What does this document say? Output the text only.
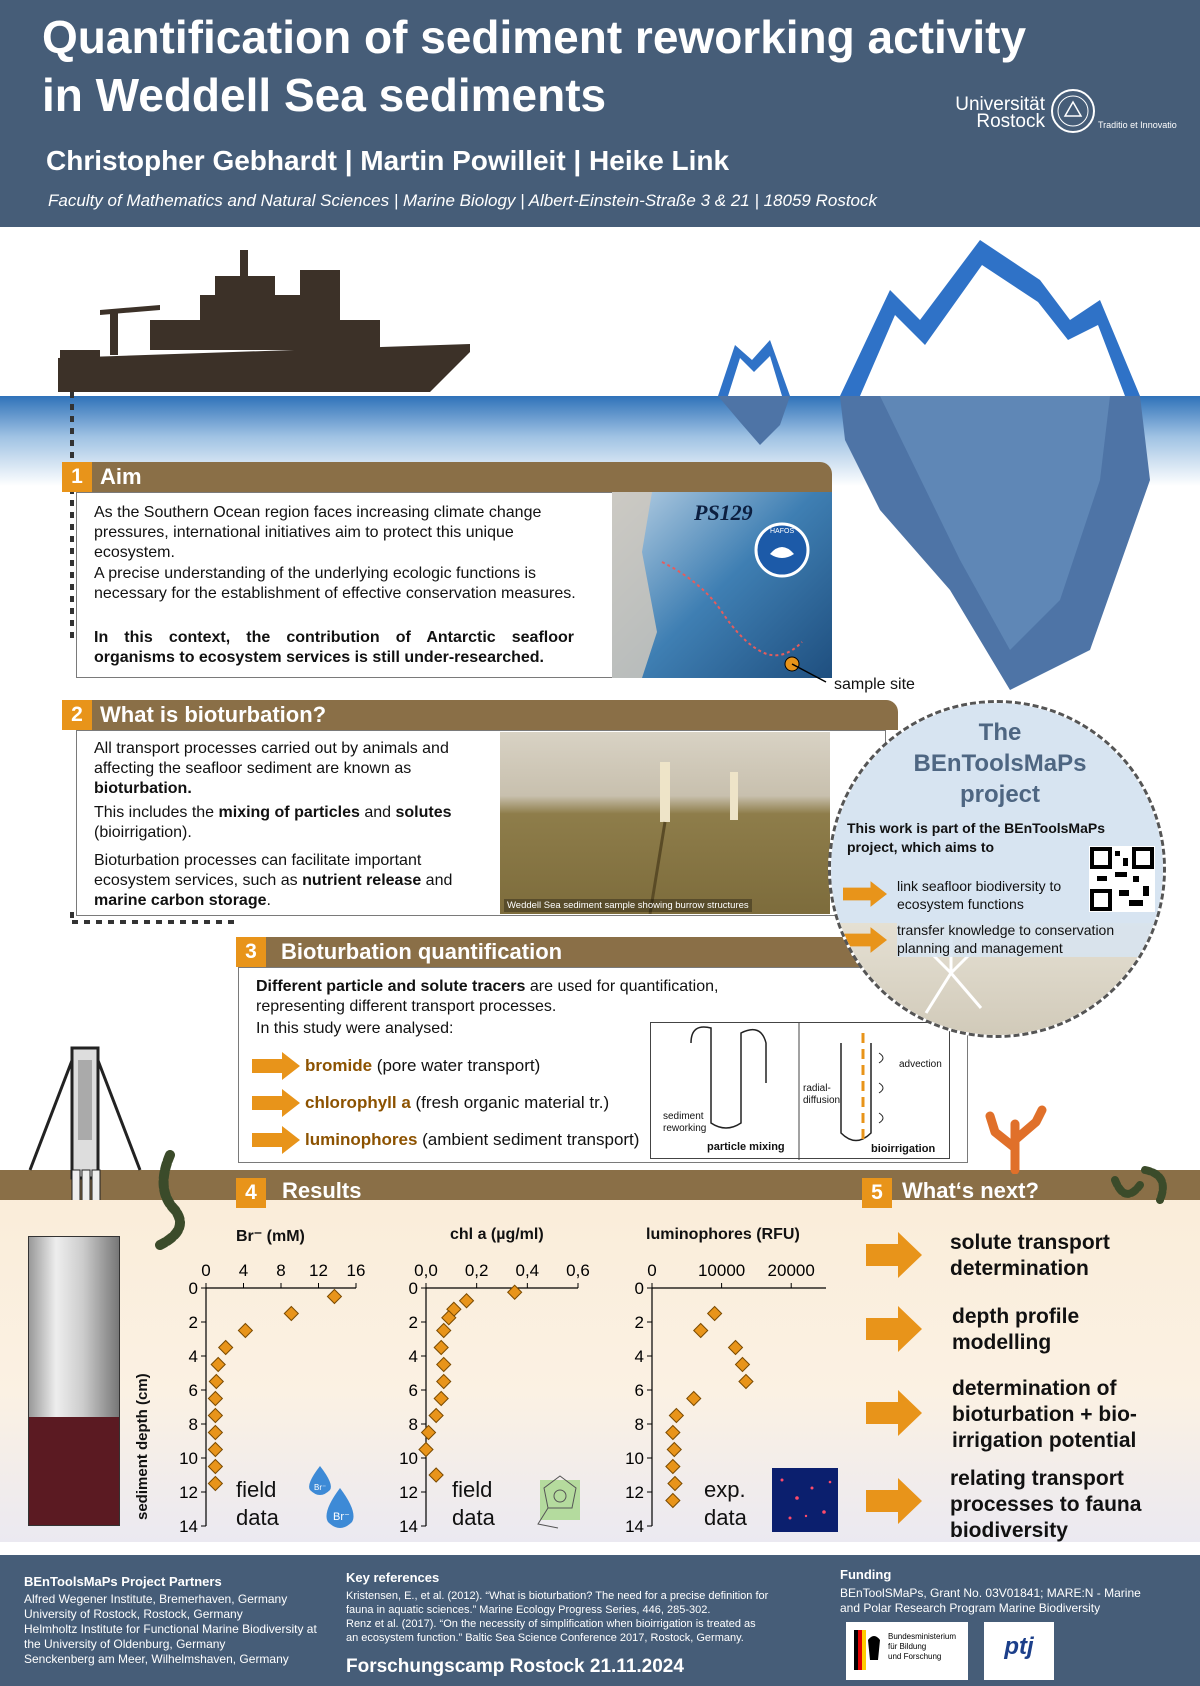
Quantification of sediment reworking activity
in Weddell Sea sediments
Christopher Gebhardt | Martin Powilleit | Heike Link
Faculty of Mathematics and Natural Sciences | Marine Biology | Albert-Einstein-Straße 3 & 21 | 18059 Rostock
Universität
Rostock	Traditio et Innovatio
Aim
1
As the Southern Ocean region faces increasing climate change pressures, international initiatives aim to protect this unique ecosystem.
A precise understanding of the underlying ecologic functions is necessary for the establishment of effective conservation measures.
In this context, the contribution of Antarctic seafloor organisms to ecosystem services is still under-researched.
PS129
HAFOS
sample site
What is bioturbation?
2
All transport processes carried out by animals and affecting the seafloor sediment are known as bioturbation.
This includes the mixing of particles and solutes
(bioirrigation).
Bioturbation processes can facilitate important ecosystem services, such as nutrient release and marine carbon storage.	Weddell Sea sediment sample showing burrow structures
Bioturbation quantification
3
Different particle and solute tracers are used for quantification, representing different transport processes.
In this study were analysed:
bromide (pore water transport)
chlorophyll a (fresh organic material tr.)
luminophores (ambient sediment transport)	particle mixing	bioirrigation
sediment reworking
radial-diffusion
advection
The
BEnToolsMaPs
project
This work is part of the BEnToolsMaPs project, which aims to
link seafloor biodiversity to ecosystem functions
transfer knowledge to conservation planning and management
4	Results
0 4 8 12 16
0
2
4
6
8
10
12
14
0,0 0,2 0,4 0,6
0
2
4
6
8
10
12
14
0 10000 20000
0
2
4
6
8
10
12
14
sediment depth (cm)
Br⁻ (mM)	chl a (µg/ml)	luminophores (RFU)
field
data
field
data
exp.
data
Br⁻
Br⁻
5 What‘s next?
solute transport
determination
depth profile
modelling
determination of
bioturbation + bio-
irrigation potential
relating transport
processes to fauna
biodiversity
BEnToolsMaPs Project Partners
Alfred Wegener Institute, Bremerhaven, Germany
University of Rostock, Rostock, Germany
Helmholtz Institute for Functional Marine Biodiversity at
the University of Oldenburg, Germany
Senckenberg am Meer, Wilhelmshaven, Germany
Key references
Kristensen, E., et al. (2012). “What is bioturbation? The need for a precise definition for
fauna in aquatic sciences.” Marine Ecology Progress Series, 446, 285-302.
Renz et al. (2017). “On the necessity of simplification when bioirrigation is treated as
an ecosystem function.” Baltic Sea Science Conference 2017, Rostock, Germany.
Forschungscamp Rostock 21.11.2024
Funding
BEnToolSMaPs, Grant No. 03V01841; MARE:N - Marine
and Polar Research Program Marine Biodiversity
Bundesministerium
für Bildung
und Forschung	ptj
